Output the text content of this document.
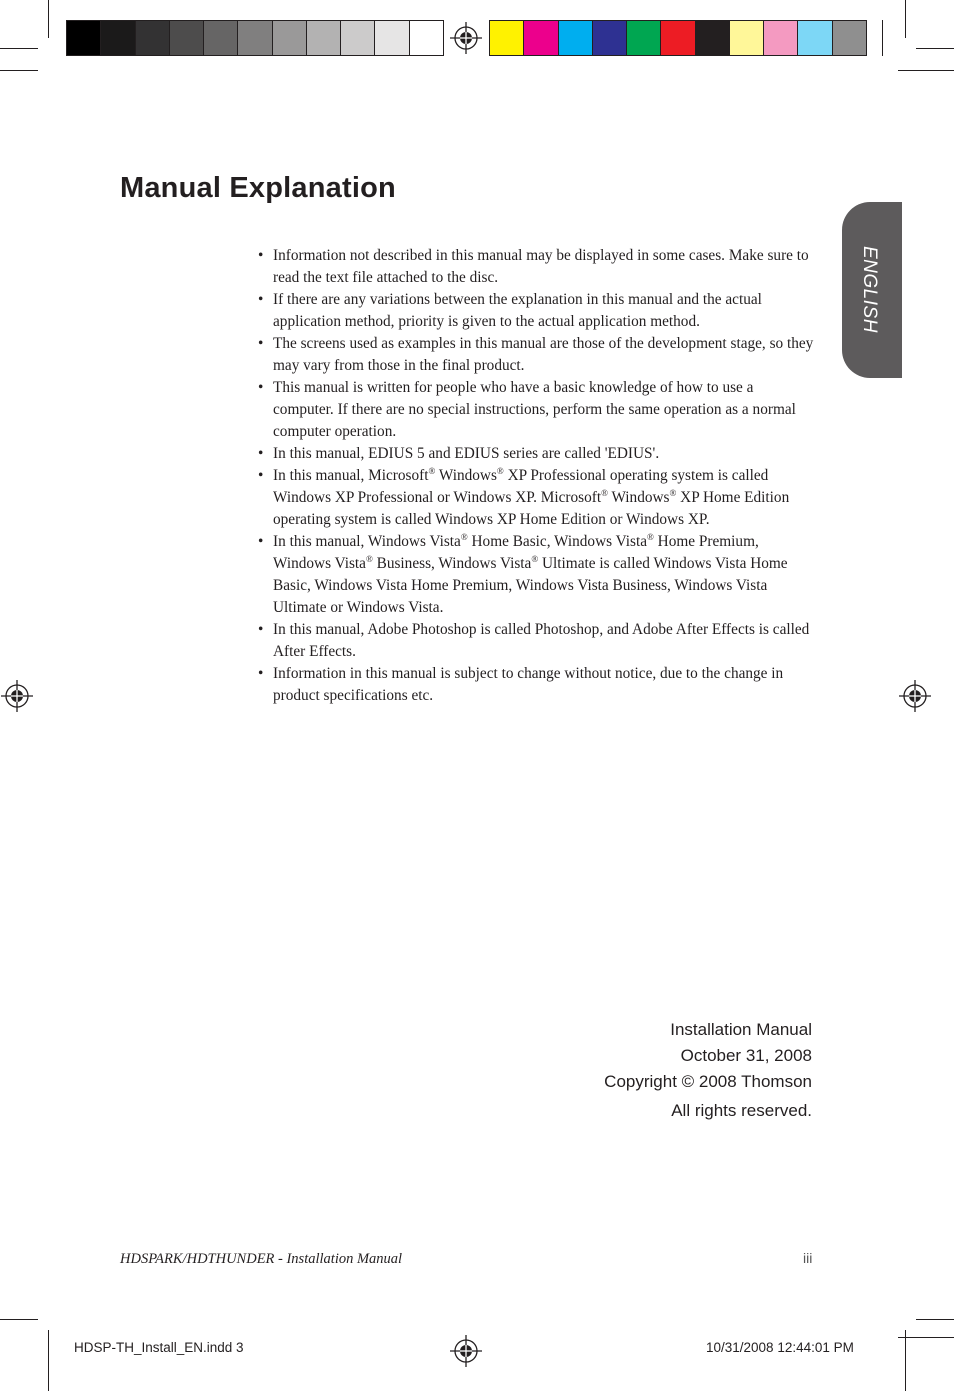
Manual Explanation
ENGLISH
• Information not described in this manual may be displayed in some cases. Make sure to read the text file attached to the disc.
• If there are any variations between the explanation in this manual and the actual application method, priority is given to the actual application method.
• The screens used as examples in this manual are those of the development stage, so they may vary from those in the final product.
• This manual is written for people who have a basic knowledge of how to use a computer. If there are no special instructions, perform the same operation as a normal computer operation.
• In this manual, EDIUS 5 and EDIUS series are called 'EDIUS'.
• In this manual, Microsoft® Windows® XP Professional operating system is called Windows XP Professional or Windows XP. Microsoft® Windows® XP Home Edition operating system is called Windows XP Home Edition or Windows XP.
• In this manual, Windows Vista® Home Basic, Windows Vista® Home Premium, Windows Vista® Business, Windows Vista® Ultimate is called Windows Vista Home Basic, Windows Vista Home Premium, Windows Vista Business, Windows Vista Ultimate or Windows Vista.
• In this manual, Adobe Photoshop is called Photoshop, and Adobe After Effects is called After Effects.
• Information in this manual is subject to change without notice, due to the change in product specifications etc.
Installation Manual
October 31, 2008
Copyright © 2008 Thomson
All rights reserved.
HDSPARK/HDTHUNDER - Installation Manual	iii
HDSP-TH_Install_EN.indd 3	10/31/2008 12:44:01 PM
